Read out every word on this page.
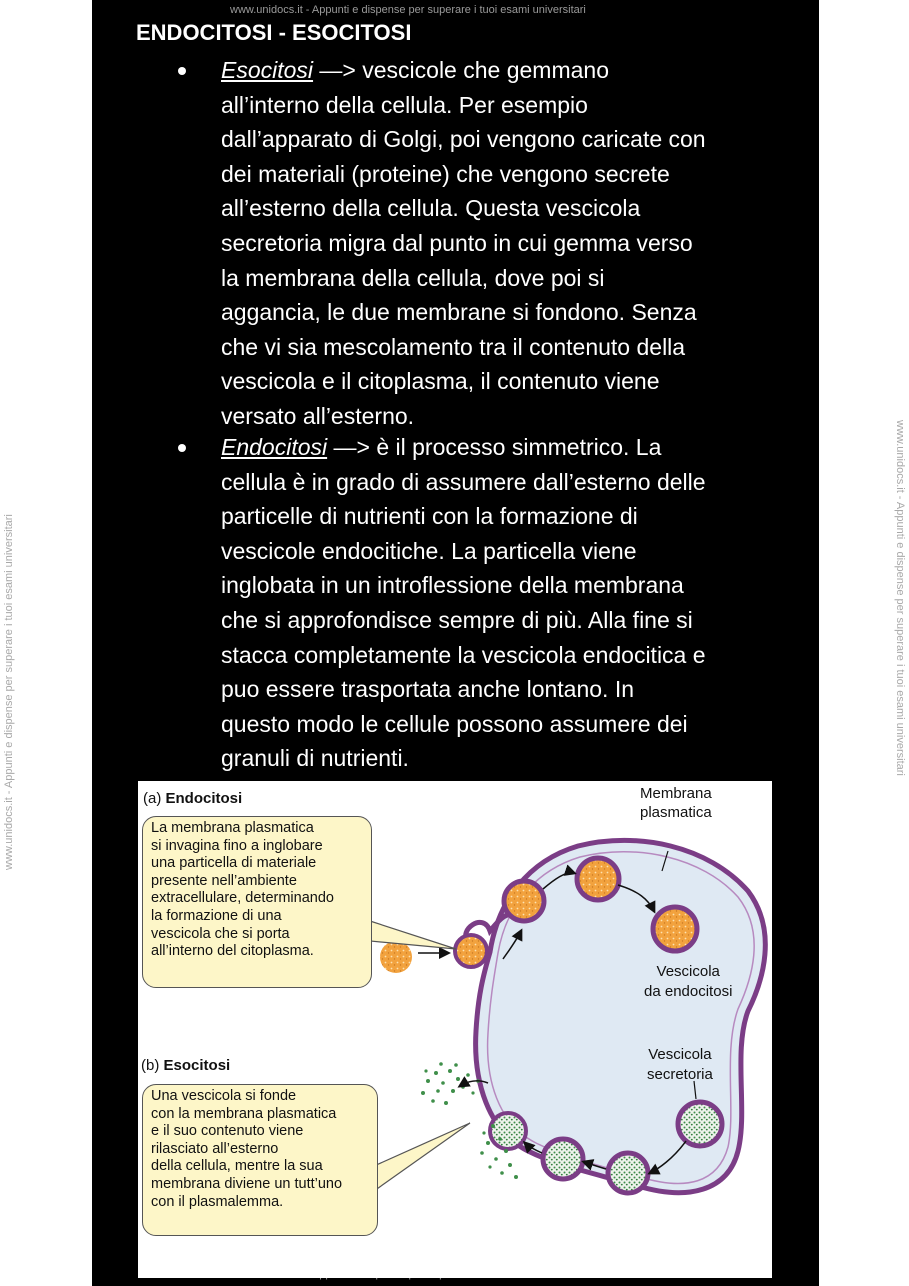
www.unidocs.it - Appunti e dispense per superare i tuoi esami universitari
www.unidocs.it - Appunti e dispense per superare i tuoi esami universitari	www.unidocs.it - Appunti e dispense per superare i tuoi esami universitari
ENDOCITOSI - ESOCITOSI
Esocitosi —> vescicole che gemmano
all’interno della cellula. Per esempio
dall’apparato di Golgi, poi vengono caricate con
dei materiali (proteine) che vengono secrete
all’esterno della cellula. Questa vescicola
secretoria migra dal punto in cui gemma verso
la membrana della cellula, dove poi si
aggancia, le due membrane si fondono. Senza
che vi sia mescolamento tra il contenuto della
vescicola e il citoplasma, il contenuto viene
versato all’esterno.
Endocitosi —> è il processo simmetrico. La
cellula è in grado di assumere dall’esterno delle
particelle di nutrienti con la formazione di
vescicole endocitiche. La particella viene
inglobata in un introflessione della membrana
che si approfondisce sempre di più. Alla fine si
stacca completamente la vescicola endocitica e
puo essere trasportata anche lontano. In
questo modo le cellule possono assumere dei
granuli di nutrienti.
(a) Endocitosi
La membrana plasmatica
si invagina fino a inglobare
una particella di materiale
presente nell’ambiente
extracellulare, determinando
la formazione di una
vescicola che si porta
all’interno del citoplasma.
(b) Esocitosi
Una vescicola si fonde
con la membrana plasmatica
e il suo contenuto viene
rilasciato all’esterno
della cellula, mentre la sua
membrana diviene un tutt’uno
con il plasmalemma.
Membrana
plasmatica
Vescicola
da endocitosi
Vescicola
secretoria
